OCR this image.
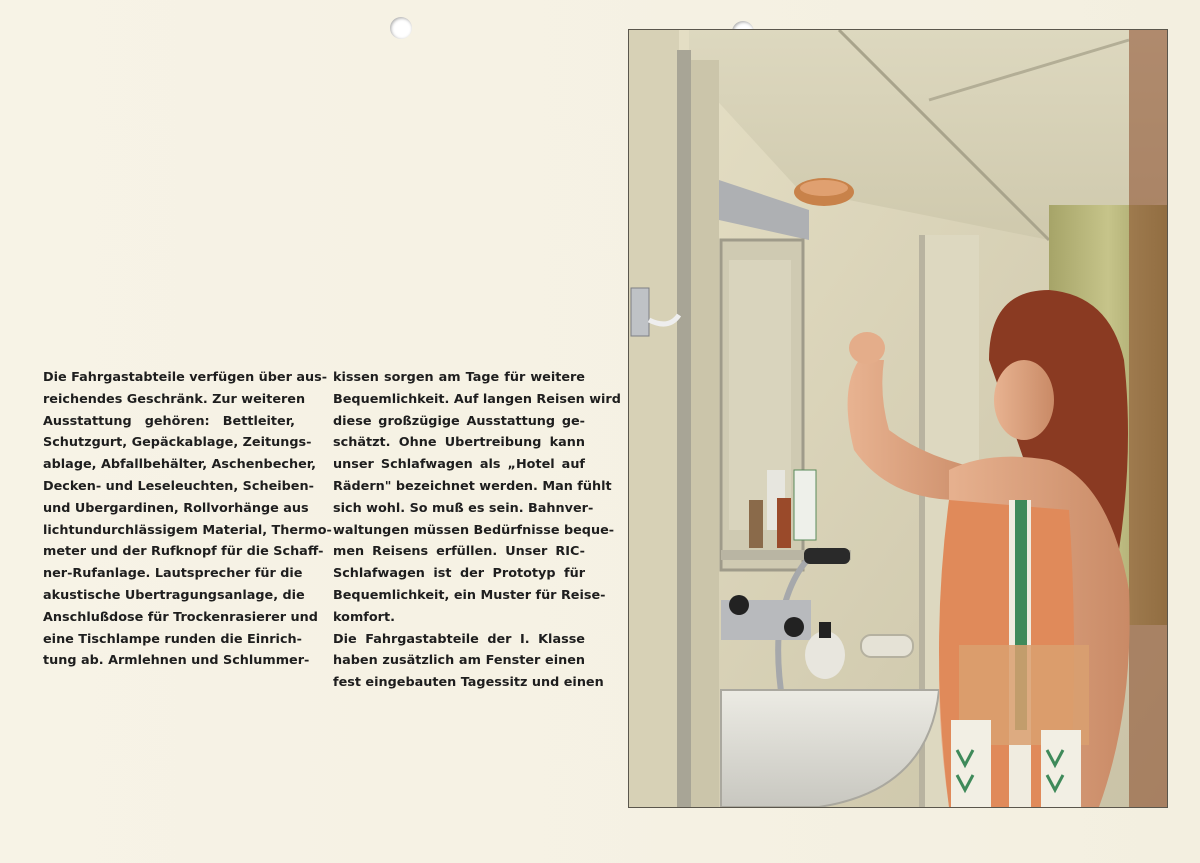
Die Fahrgastabteile verfügen über aus-
reichendes Geschränk. Zur weiteren
Ausstattung gehören: Bettleiter,
Schutzgurt, Gepäckablage, Zeitungs-
ablage, Abfallbehälter, Aschenbecher,
Decken- und Leseleuchten, Scheiben-
und Ubergardinen, Rollvorhänge aus
lichtundurchlässigem Material, Thermo-
meter und der Rufknopf für die Schaff-
ner-Rufanlage. Lautsprecher für die
akustische Ubertragungsanlage, die
Anschlußdose für Trockenrasierer und
eine Tischlampe runden die Einrich-
tung ab. Armlehnen und Schlummer-
kissen sorgen am Tage für weitere
Bequemlichkeit. Auf langen Reisen wird
diese großzügige Ausstattung ge-
schätzt. Ohne Ubertreibung kann
unser Schlafwagen als „Hotel auf
Rädern" bezeichnet werden. Man fühlt
sich wohl. So muß es sein. Bahnver-
waltungen müssen Bedürfnisse beque-
men Reisens erfüllen. Unser RIC-
Schlafwagen ist der Prototyp für
Bequemlichkeit, ein Muster für Reise-
komfort.
Die Fahrgastabteile der I. Klasse
haben zusätzlich am Fenster einen
fest eingebauten Tagessitz und einen
